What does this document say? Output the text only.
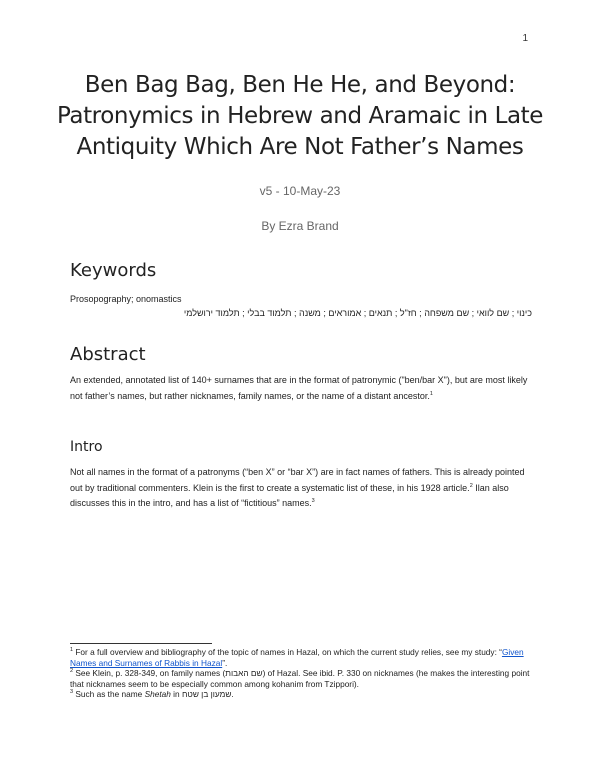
1
Ben Bag Bag, Ben He He, and Beyond:
Patronymics in Hebrew and Aramaic in Late
Antiquity Which Are Not Father’s Names
v5 - 10-May-23
By Ezra Brand
Keywords
Prosopography; onomastics
כינוי ; שם לוואי ; שם משפחה ; חז"ל ; תנאים ; אמוראים ; משנה ; תלמוד בבלי ; תלמוד ירושלמי
Abstract
An extended, annotated list of 140+ surnames that are in the format of patronymic ("ben/bar X"), but are most likely not father’s names, but rather nicknames, family names, or the name of a distant ancestor.$^1$
Intro
Not all names in the format of a patronyms (“ben X” or “bar X”) are in fact names of fathers. This is already pointed out by traditional commenters. Klein is the first to create a systematic list of these, in his 1928 article.$^2$ Ilan also discusses this in the intro, and has a list of “fictitious” names.$^3$

$^1$ For a full overview and bibliography of the topic of names in Hazal, on which the current study relies, see my study: “Given Names and Surnames of Rabbis in Hazal”.

$^2$ See Klein, p. 328-349, on family names (שם האבות) of Hazal. See ibid. P. 330 on nicknames (he makes the interesting point that nicknames seem to be especially common among kohanim from Tzippori).

$^3$ Such as the name Shetah in שמעון בן שטח.
